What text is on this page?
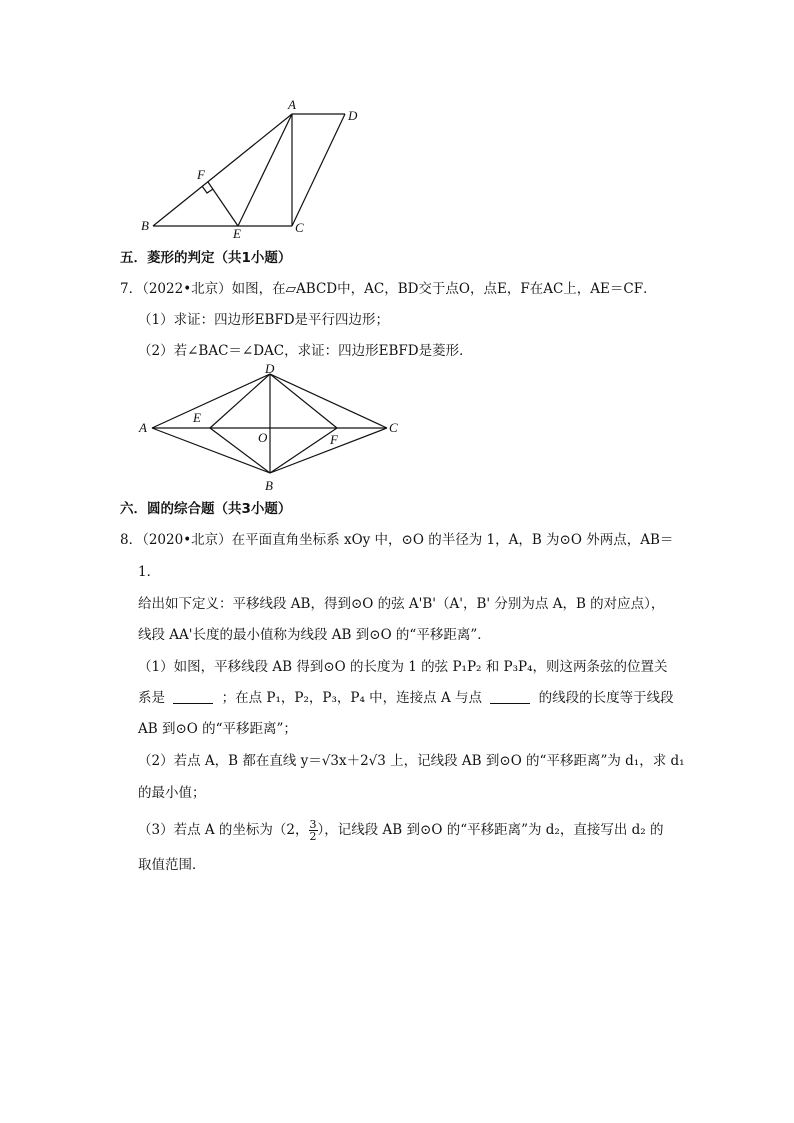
A
D
F
B
E	C
五．菱形的判定（共1小题）
7．（2022•北京）如图，在▱ABCD中，AC，BD交于点O，点E，F在AC上，AE＝CF．
（1）求证：四边形EBFD是平行四边形；
（2）若∠BAC＝∠DAC，求证：四边形EBFD是菱形．
D
A
E
O	F
C
B
六．圆的综合题（共3小题）
8．（2020•北京）在平面直角坐标系 xOy 中，⊙O 的半径为 1，A，B 为⊙O 外两点，AB＝
1．
给出如下定义：平移线段 AB，得到⊙O 的弦 A'B'（A'，B' 分别为点 A，B 的对应点），
线段 AA'长度的最小值称为线段 AB 到⊙O 的“平移距离”．
（1）如图，平移线段 AB 得到⊙O 的长度为 1 的弦 P₁P₂ 和 P₃P₄，则这两条弦的位置关
系是	；在点 P₁，P₂，P₃，P₄ 中，连接点 A 与点	的线段的长度等于线段
AB 到⊙O 的“平移距离”；
（2）若点 A，B 都在直线 y＝√3x＋2√3 上，记线段 AB 到⊙O 的“平移距离”为 d₁，求 d₁
的最小值；
（3）若点 A 的坐标为（2， $\frac{3}{2}$ ），记线段 AB 到⊙O 的“平移距离”为 d₂，直接写出 d₂ 的
取值范围．
